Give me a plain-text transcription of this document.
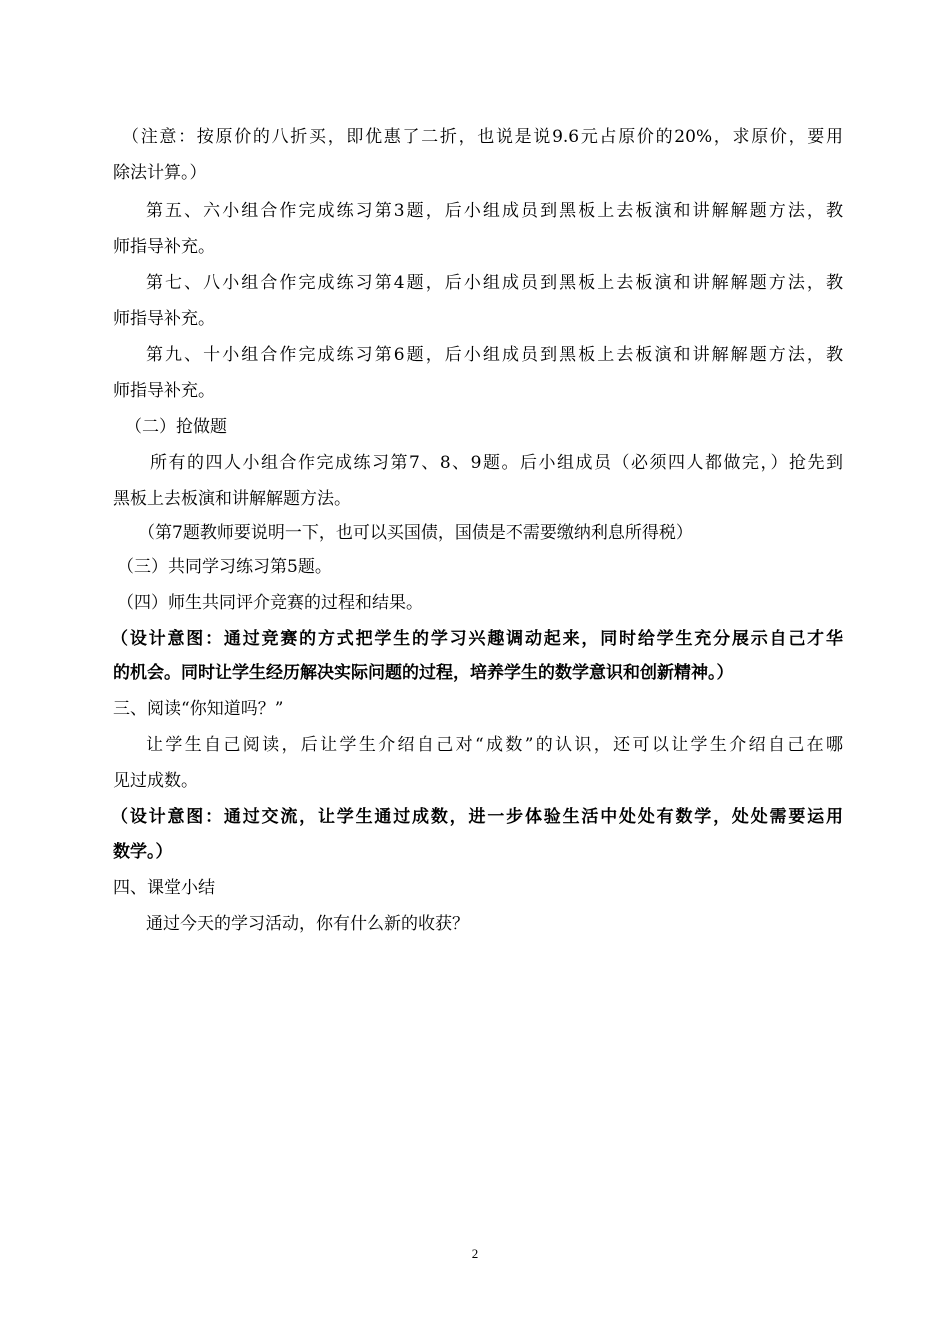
（注意：按原价的八折买，即优惠了二折，也说是说9.6元占原价的20%，求原价，要用
除法计算。）
第五、六小组合作完成练习第3题，后小组成员到黑板上去板演和讲解解题方法，教
师指导补充。
第七、八小组合作完成练习第4题，后小组成员到黑板上去板演和讲解解题方法，教
师指导补充。
第九、十小组合作完成练习第6题，后小组成员到黑板上去板演和讲解解题方法，教
师指导补充。
（二）抢做题
所有的四人小组合作完成练习第7、8、9题。后小组成员（必须四人都做完，）抢先到
黑板上去板演和讲解解题方法。
（第7题教师要说明一下，也可以买国债，国债是不需要缴纳利息所得税）
（三）共同学习练习第5题。
（四）师生共同评介竞赛的过程和结果。
（设计意图：通过竞赛的方式把学生的学习兴趣调动起来，同时给学生充分展示自己才华
的机会。同时让学生经历解决实际问题的过程，培养学生的数学意识和创新精神。）
三、阅读“你知道吗？”
让学生自己阅读，后让学生介绍自己对“成数”的认识，还可以让学生介绍自己在哪
见过成数。
（设计意图：通过交流，让学生通过成数，进一步体验生活中处处有数学，处处需要运用
数学。）
四、课堂小结
通过今天的学习活动，你有什么新的收获？
2
